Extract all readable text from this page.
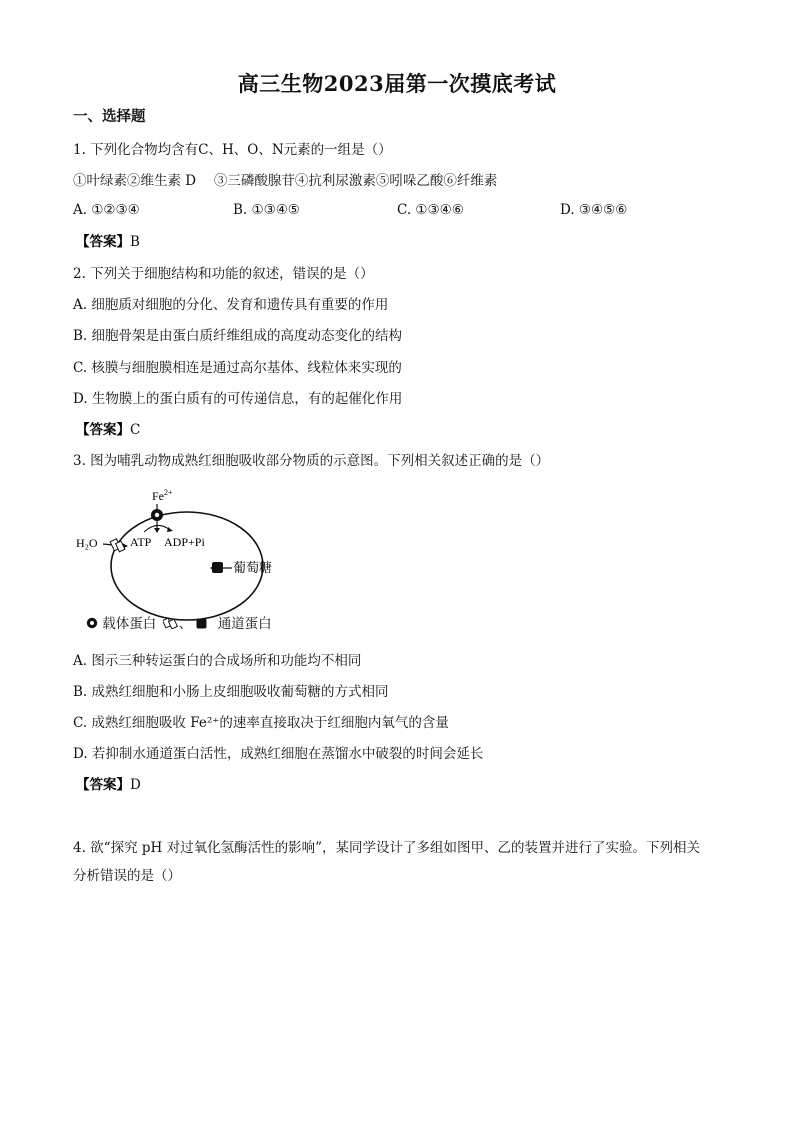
高三生物2023届第一次摸底考试
一、选择题
1. 下列化合物均含有C、H、O、N元素的一组是（）
①叶绿素②维生素 D　 ③三磷酸腺苷④抗利尿激素⑤吲哚乙酸⑥纤维素
A. ①②③④	B. ①③④⑤	C. ①③④⑥	D. ③④⑤⑥
【答案】B
2. 下列关于细胞结构和功能的叙述，错误的是（）
A. 细胞质对细胞的分化、发育和遗传具有重要的作用
B. 细胞骨架是由蛋白质纤维组成的高度动态变化的结构
C. 核膜与细胞膜相连是通过高尔基体、线粒体来实现的
D. 生物膜上的蛋白质有的可传递信息，有的起催化作用
【答案】C
3. 图为哺乳动物成熟红细胞吸收部分物质的示意图。下列相关叙述正确的是（）
$Fe^{2+}$
ATP ADP+Pi
H₂O
葡萄糖
载体蛋白 、 通道蛋白
A. 图示三种转运蛋白的合成场所和功能均不相同
B. 成熟红细胞和小肠上皮细胞吸收葡萄糖的方式相同
C. 成熟红细胞吸收 Fe²⁺的速率直接取决于红细胞内氧气的含量
D. 若抑制水通道蛋白活性，成熟红细胞在蒸馏水中破裂的时间会延长
【答案】D
4. 欲“探究 pH 对过氧化氢酶活性的影响”，某同学设计了多组如图甲、乙的装置并进行了实验。下列相关
分析错误的是（）
